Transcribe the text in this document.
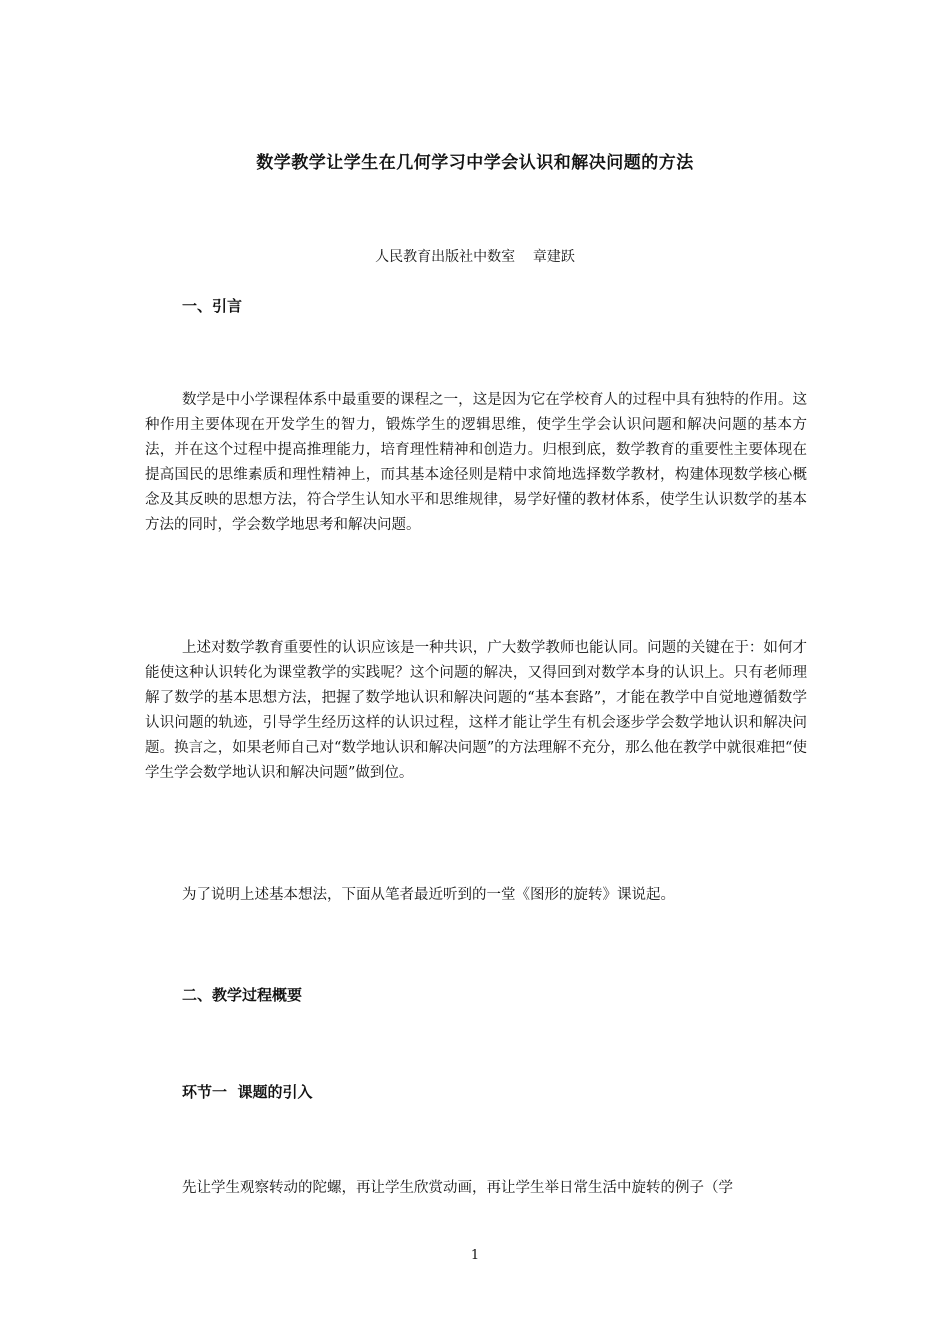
数学教学让学生在几何学习中学会认识和解决问题的方法

人民教育出版社中数室    章建跃

一、引言

数学是中小学课程体系中最重要的课程之一，这是因为它在学校育人的过程中具有独特的作用。这种作用主要体现在开发学生的智力，锻炼学生的逻辑思维，使学生学会认识问题和解决问题的基本方法，并在这个过程中提高推理能力，培育理性精神和创造力。归根到底，数学教育的重要性主要体现在提高国民的思维素质和理性精神上，而其基本途径则是精中求简地选择数学教材，构建体现数学核心概念及其反映的思想方法，符合学生认知水平和思维规律，易学好懂的教材体系，使学生认识数学的基本方法的同时，学会数学地思考和解决问题。

上述对数学教育重要性的认识应该是一种共识，广大数学教师也能认同。问题的关键在于：如何才能使这种认识转化为课堂教学的实践呢？这个问题的解决，又得回到对数学本身的认识上。只有老师理解了数学的基本思想方法，把握了数学地认识和解决问题的“基本套路”，才能在教学中自觉地遵循数学认识问题的轨迹，引导学生经历这样的认识过程，这样才能让学生有机会逐步学会数学地认识和解决问题。换言之，如果老师自己对“数学地认识和解决问题”的方法理解不充分，那么他在教学中就很难把“使学生学会数学地认识和解决问题”做到位。

为了说明上述基本想法，下面从笔者最近听到的一堂《图形的旋转》课说起。

二、教学过程概要
环节一  课题的引入

先让学生观察转动的陀螺，再让学生欣赏动画，再让学生举日常生活中旋转的例子（学

1
